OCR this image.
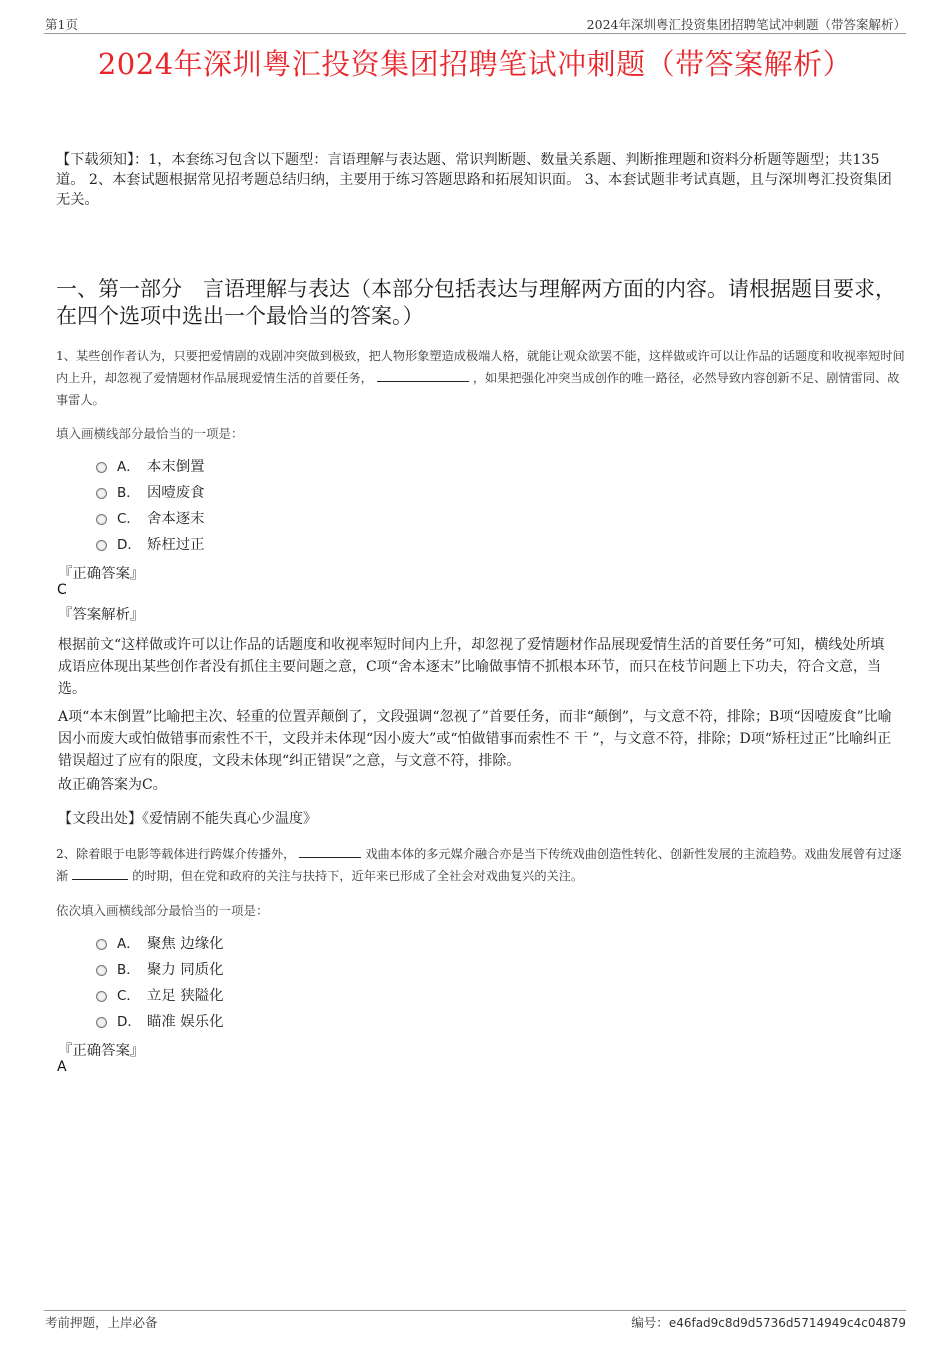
第1页	2024年深圳粤汇投资集团招聘笔试冲刺题（带答案解析）
2024年深圳粤汇投资集团招聘笔试冲刺题（带答案解析）
【下载须知】：1，本套练习包含以下题型：言语理解与表达题、常识判断题、数量关系题、判断推理题和资料分析题等题型；共135道。 2、本套试题根据常见招考题总结归纳，主要用于练习答题思路和拓展知识面。 3、本套试题非考试真题，且与深圳粤汇投资集团无关。
一、第一部分　言语理解与表达（本部分包括表达与理解两方面的内容。请根据题目要求，在四个选项中选出一个最恰当的答案。）
1、某些创作者认为，只要把爱情剧的戏剧冲突做到极致，把人物形象塑造成极端人格，就能让观众欲罢不能，这样做或许可以让作品的话题度和收视率短时间内上升，却忽视了爱情题材作品展现爱情生活的首要任务，	，如果把强化冲突当成创作的唯一路径，必然导致内容创新不足、剧情雷同、故事雷人。
填入画横线部分最恰当的一项是：
A． 本末倒置
B． 因噎废食
C． 舍本逐末
D． 矫枉过正
『正确答案』
C
『答案解析』
根据前文“这样做或许可以让作品的话题度和收视率短时间内上升，却忽视了爱情题材作品展现爱情生活的首要任务”可知，横线处所填成语应体现出某些创作者没有抓住主要问题之意，C项“舍本逐末”比喻做事情不抓根本环节，而只在枝节问题上下功夫，符合文意，当选。
A项“本末倒置”比喻把主次、轻重的位置弄颠倒了，文段强调“忽视了”首要任务，而非“颠倒”，与文意不符，排除；B项“因噎废食”比喻因小而废大或怕做错事而索性不干，文段并未体现“因小废大”或“怕做错事而索性不 干 ”，与文意不符，排除；D项“矫枉过正”比喻纠正错误超过了应有的限度，文段未体现“纠正错误”之意，与文意不符，排除。
故正确答案为C。
【文段出处】《爱情剧不能失真心少温度》
2、除着眼于电影等载体进行跨媒介传播外，	戏曲本体的多元媒介融合亦是当下传统戏曲创造性转化、创新性发展的主流趋势。戏曲发展曾有过逐渐	的时期，但在党和政府的关注与扶持下，近年来已形成了全社会对戏曲复兴的关注。
依次填入画横线部分最恰当的一项是：
A． 聚焦 边缘化
B． 聚力 同质化
C． 立足 狭隘化
D． 瞄准 娱乐化
『正确答案』
A
考前押题，上岸必备	编号：e46fad9c8d9d5736d5714949c4c04879
